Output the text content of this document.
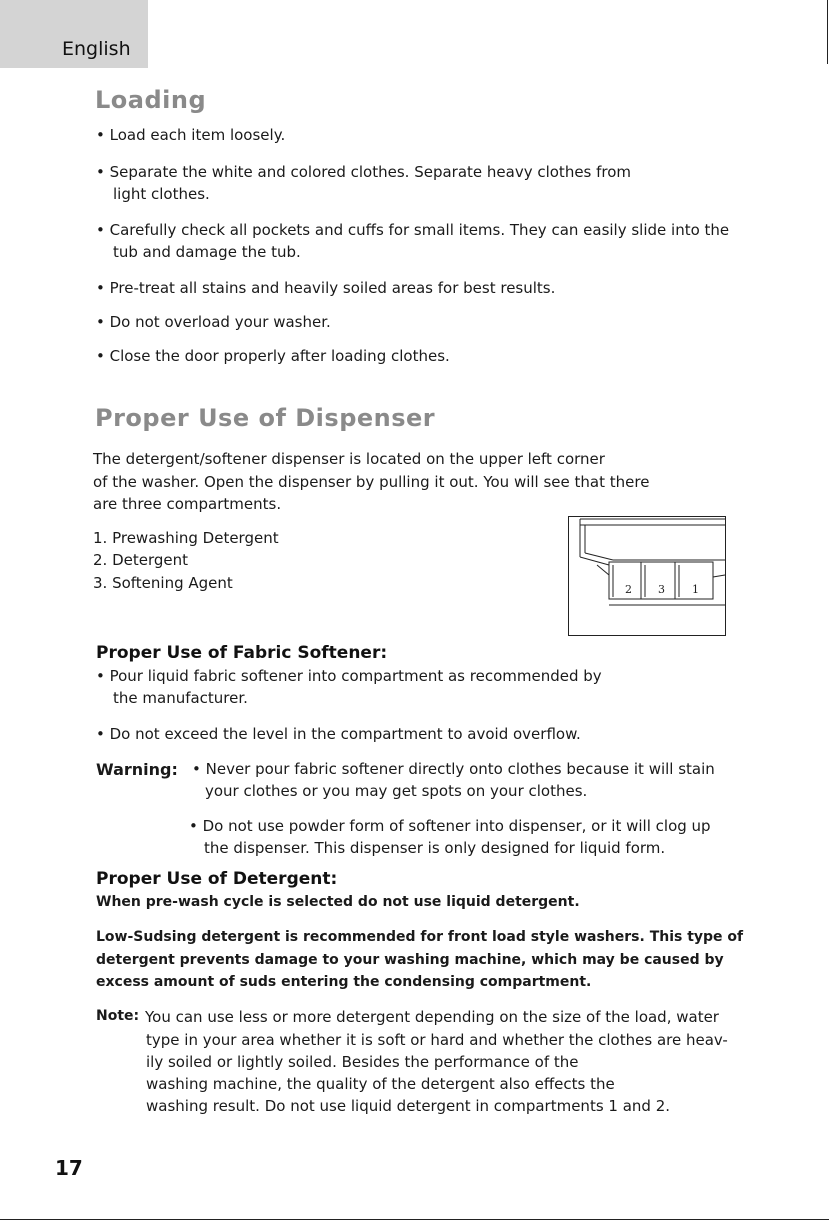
English
Loading

• Load each item loosely.

• Separate the white and colored clothes. Separate heavy clothes from

light clothes.

• Carefully check all pockets and cuffs for small items. They can easily slide into the

tub and damage the tub.

• Pre-treat all stains and heavily soiled areas for best results.

• Do not overload your washer.

• Close the door properly after loading clothes.

Proper Use of Dispenser

The detergent/softener dispenser is located on the upper left corner

of the washer. Open the dispenser by pulling it out. You will see that there

are three compartments.

1. Prewashing Detergent

2. Detergent

3. Softening Agent	2 3 1
Proper Use of Fabric Softener:

• Pour liquid fabric softener into compartment as recommended by

the manufacturer.

• Do not exceed the level in the compartment to avoid overflow.

Warning: • Never pour fabric softener directly onto clothes because it will stain

your clothes or you may get spots on your clothes.

• Do not use powder form of softener into dispenser, or it will clog up

the dispenser. This dispenser is only designed for liquid form.

Proper Use of Detergent:

When pre-wash cycle is selected do not use liquid detergent.

Low-Sudsing detergent is recommended for front load style washers. This type of

detergent prevents damage to your washing machine, which may be caused by

excess amount of suds entering the condensing compartment.

Note: You can use less or more detergent depending on the size of the load, water

type in your area whether it is soft or hard and whether the clothes are heav-

ily soiled or lightly soiled. Besides the performance of the

washing machine, the quality of the detergent also effects the

washing result. Do not use liquid detergent in compartments 1 and 2.

17
